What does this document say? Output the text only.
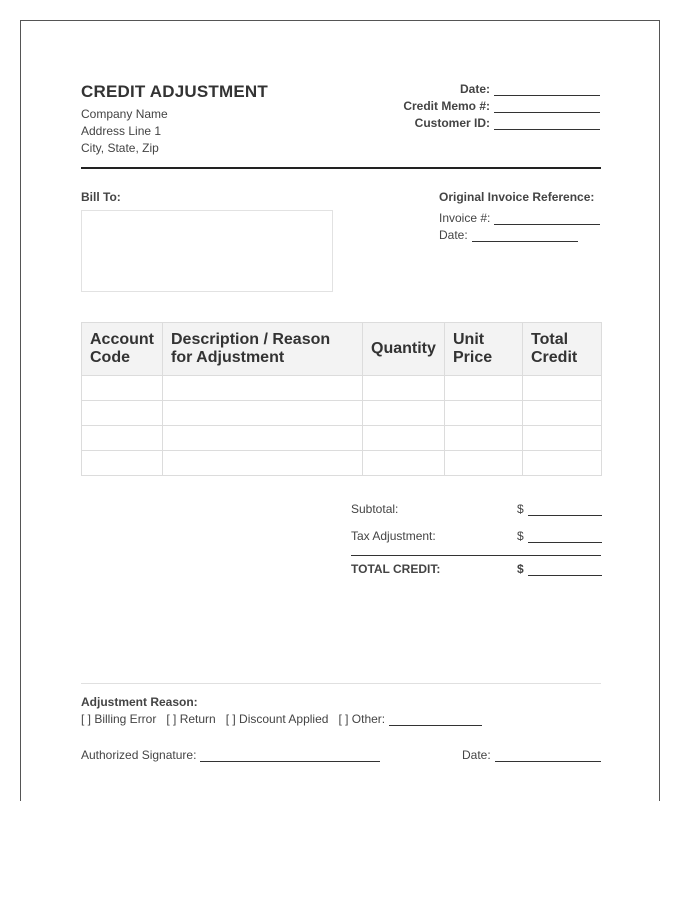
CREDIT ADJUSTMENT
Company Name
Address Line 1
City, State, Zip
Date:
Credit Memo #:
Customer ID:
Bill To:	Original Invoice Reference:
Invoice #:
Date:
Account Code	Description / Reason for Adjustment	Quantity	Unit Price	Total Credit

Subtotal:	$
Tax Adjustment:	$
TOTAL CREDIT:	$
Adjustment Reason:
[ ] Billing Error [ ] Return [ ] Discount Applied [ ] Other:
Authorized Signature:	Date:
